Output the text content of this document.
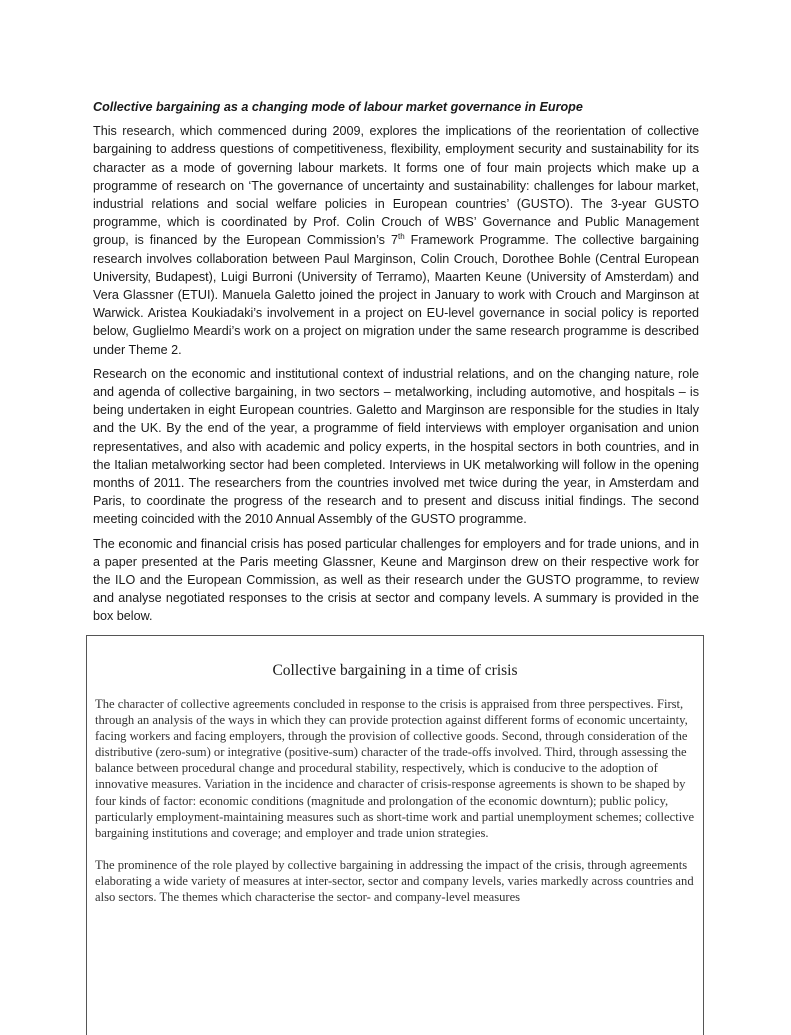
Collective bargaining as a changing mode of labour market governance in Europe

This research, which commenced during 2009, explores the implications of the reorientation of collective bargaining to address questions of competitiveness, flexibility, employment security and sustainability for its character as a mode of governing labour markets. It forms one of four main projects which make up a programme of research on ‘The governance of uncertainty and sustainability: challenges for labour market, industrial relations and social welfare policies in European countries’ (GUSTO). The 3-year GUSTO programme, which is coordinated by Prof. Colin Crouch of WBS’ Governance and Public Management group, is financed by the European Commission’s 7th Framework Programme. The collective bargaining research involves collaboration between Paul Marginson, Colin Crouch, Dorothee Bohle (Central European University, Budapest), Luigi Burroni (University of Terramo), Maarten Keune (University of Amsterdam) and Vera Glassner (ETUI). Manuela Galetto joined the project in January to work with Crouch and Marginson at Warwick. Aristea Koukiadaki’s involvement in a project on EU-level governance in social policy is reported below, Guglielmo Meardi’s work on a project on migration under the same research programme is described under Theme 2.

Research on the economic and institutional context of industrial relations, and on the changing nature, role and agenda of collective bargaining, in two sectors – metalworking, including automotive, and hospitals – is being undertaken in eight European countries. Galetto and Marginson are responsible for the studies in Italy and the UK. By the end of the year, a programme of field interviews with employer organisation and union representatives, and also with academic and policy experts, in the hospital sectors in both countries, and in the Italian metalworking sector had been completed. Interviews in UK metalworking will follow in the opening months of 2011. The researchers from the countries involved met twice during the year, in Amsterdam and Paris, to coordinate the progress of the research and to present and discuss initial findings. The second meeting coincided with the 2010 Annual Assembly of the GUSTO programme.

The economic and financial crisis has posed particular challenges for employers and for trade unions, and in a paper presented at the Paris meeting Glassner, Keune and Marginson drew on their respective work for the ILO and the European Commission, as well as their research under the GUSTO programme, to review and analyse negotiated responses to the crisis at sector and company levels. A summary is provided in the box below.

Collective bargaining in a time of crisis

The character of collective agreements concluded in response to the crisis is appraised from three perspectives. First, through an analysis of the ways in which they can provide protection against different forms of economic uncertainty, facing workers and facing employers, through the provision of collective goods. Second, through consideration of the distributive (zero-sum) or integrative (positive-sum) character of the trade-offs involved. Third, through assessing the balance between procedural change and procedural stability, respectively, which is conducive to the adoption of innovative measures. Variation in the incidence and character of crisis-response agreements is shown to be shaped by four kinds of factor: economic conditions (magnitude and prolongation of the economic downturn); public policy, particularly employment-maintaining measures such as short-time work and partial unemployment schemes; collective bargaining institutions and coverage; and employer and trade union strategies.

The prominence of the role played by collective bargaining in addressing the impact of the crisis, through agreements elaborating a wide variety of measures at inter-sector, sector and company levels, varies markedly across countries and also sectors. The themes which characterise the sector- and company-level measures
